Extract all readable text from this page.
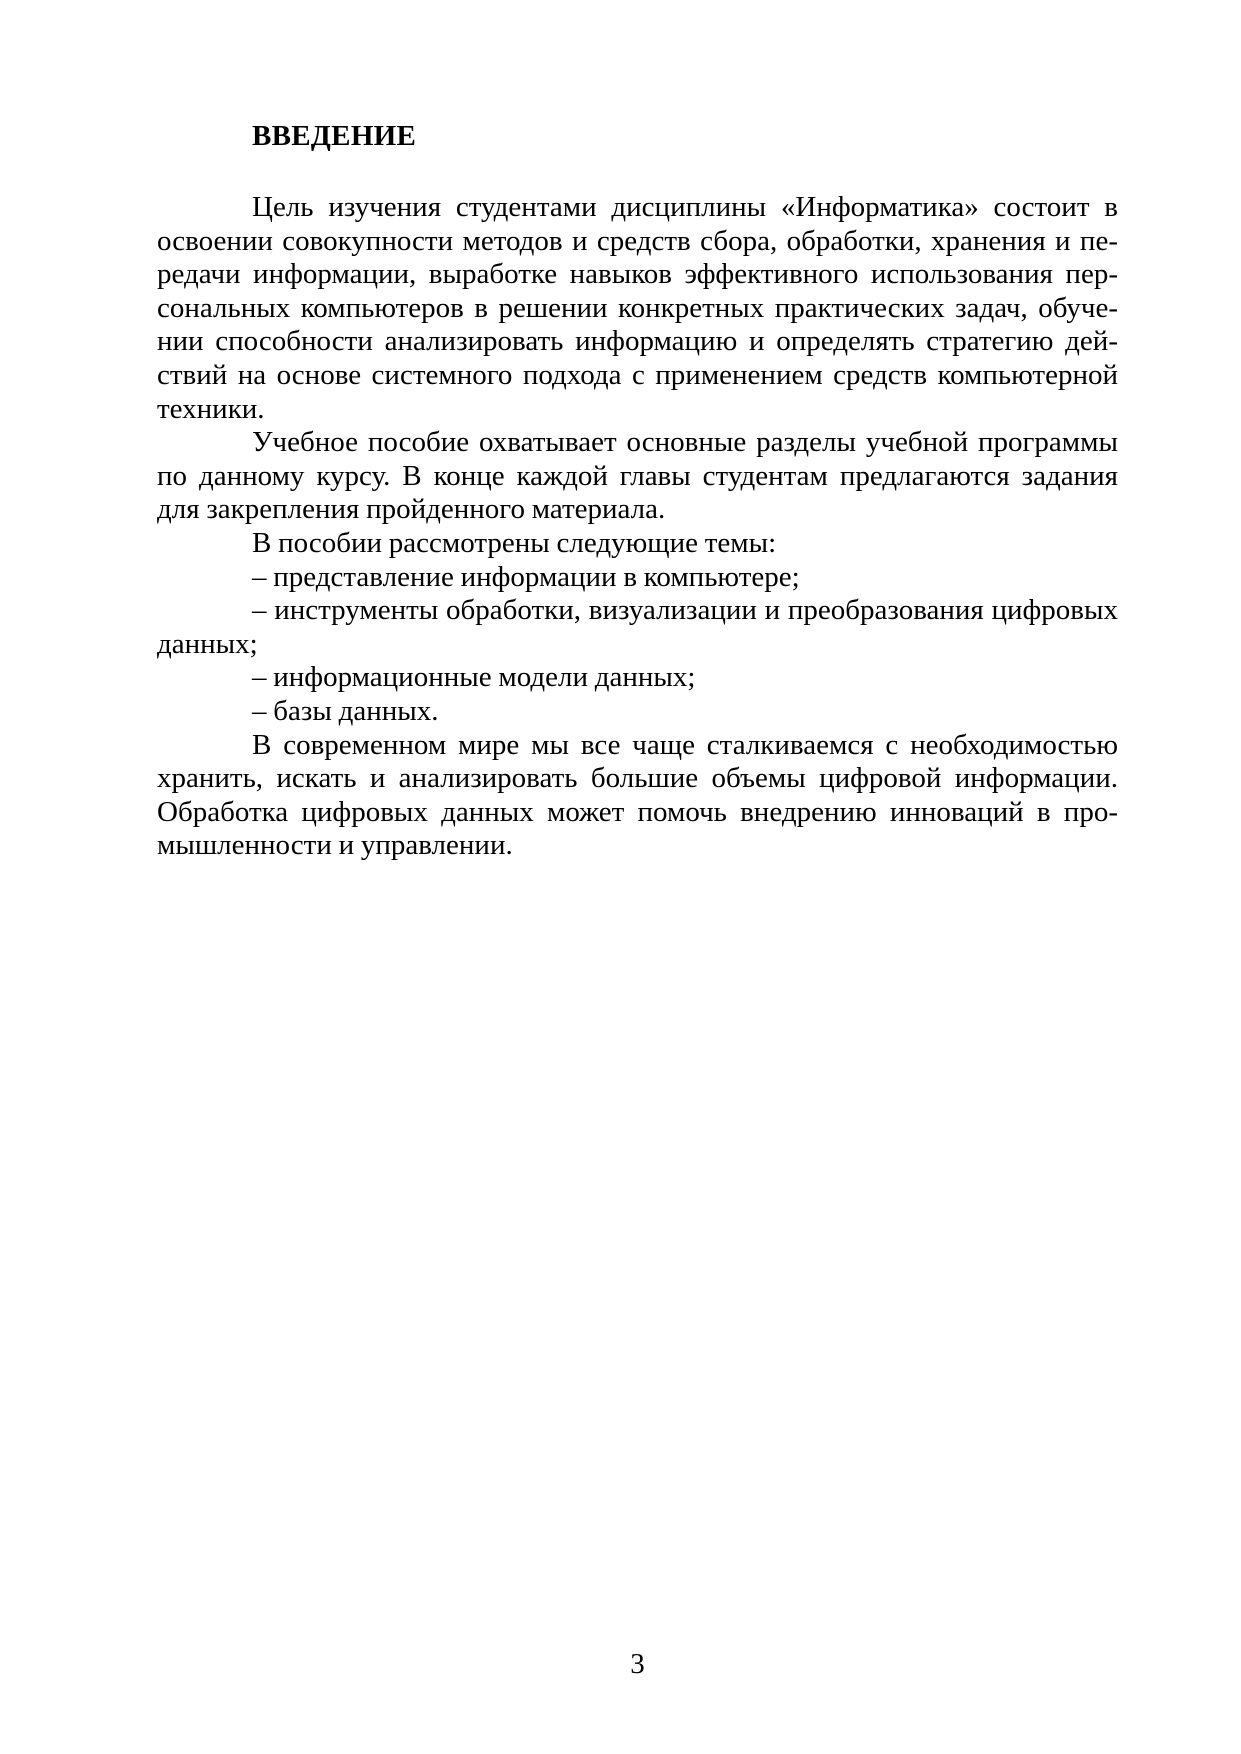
ВВЕДЕНИЕ

Цель изучения студентами дисциплины «Информатика» состоит в освоении совокупности методов и средств сбора, обработки, хранения и передачи информации, выработке навыков эффективного использования персональных компьютеров в решении конкретных практических задач, обучении способности анализировать информацию и определять стратегию действий на основе системного подхода с применением средств компьютерной техники.

Учебное пособие охватывает основные разделы учебной программы по данному курсу. В конце каждой главы студентам предлагаются задания для закрепления пройденного материала.

В пособии рассмотрены следующие темы:

– представление информации в компьютере;

– инструменты обработки, визуализации и преобразования цифровых данных;

– информационные модели данных;

– базы данных.

В современном мире мы все чаще сталкиваемся с необходимостью хранить, искать и анализировать большие объемы цифровой информации. Обработка цифровых данных может помочь внедрению инноваций в промышленности и управлении.

3
